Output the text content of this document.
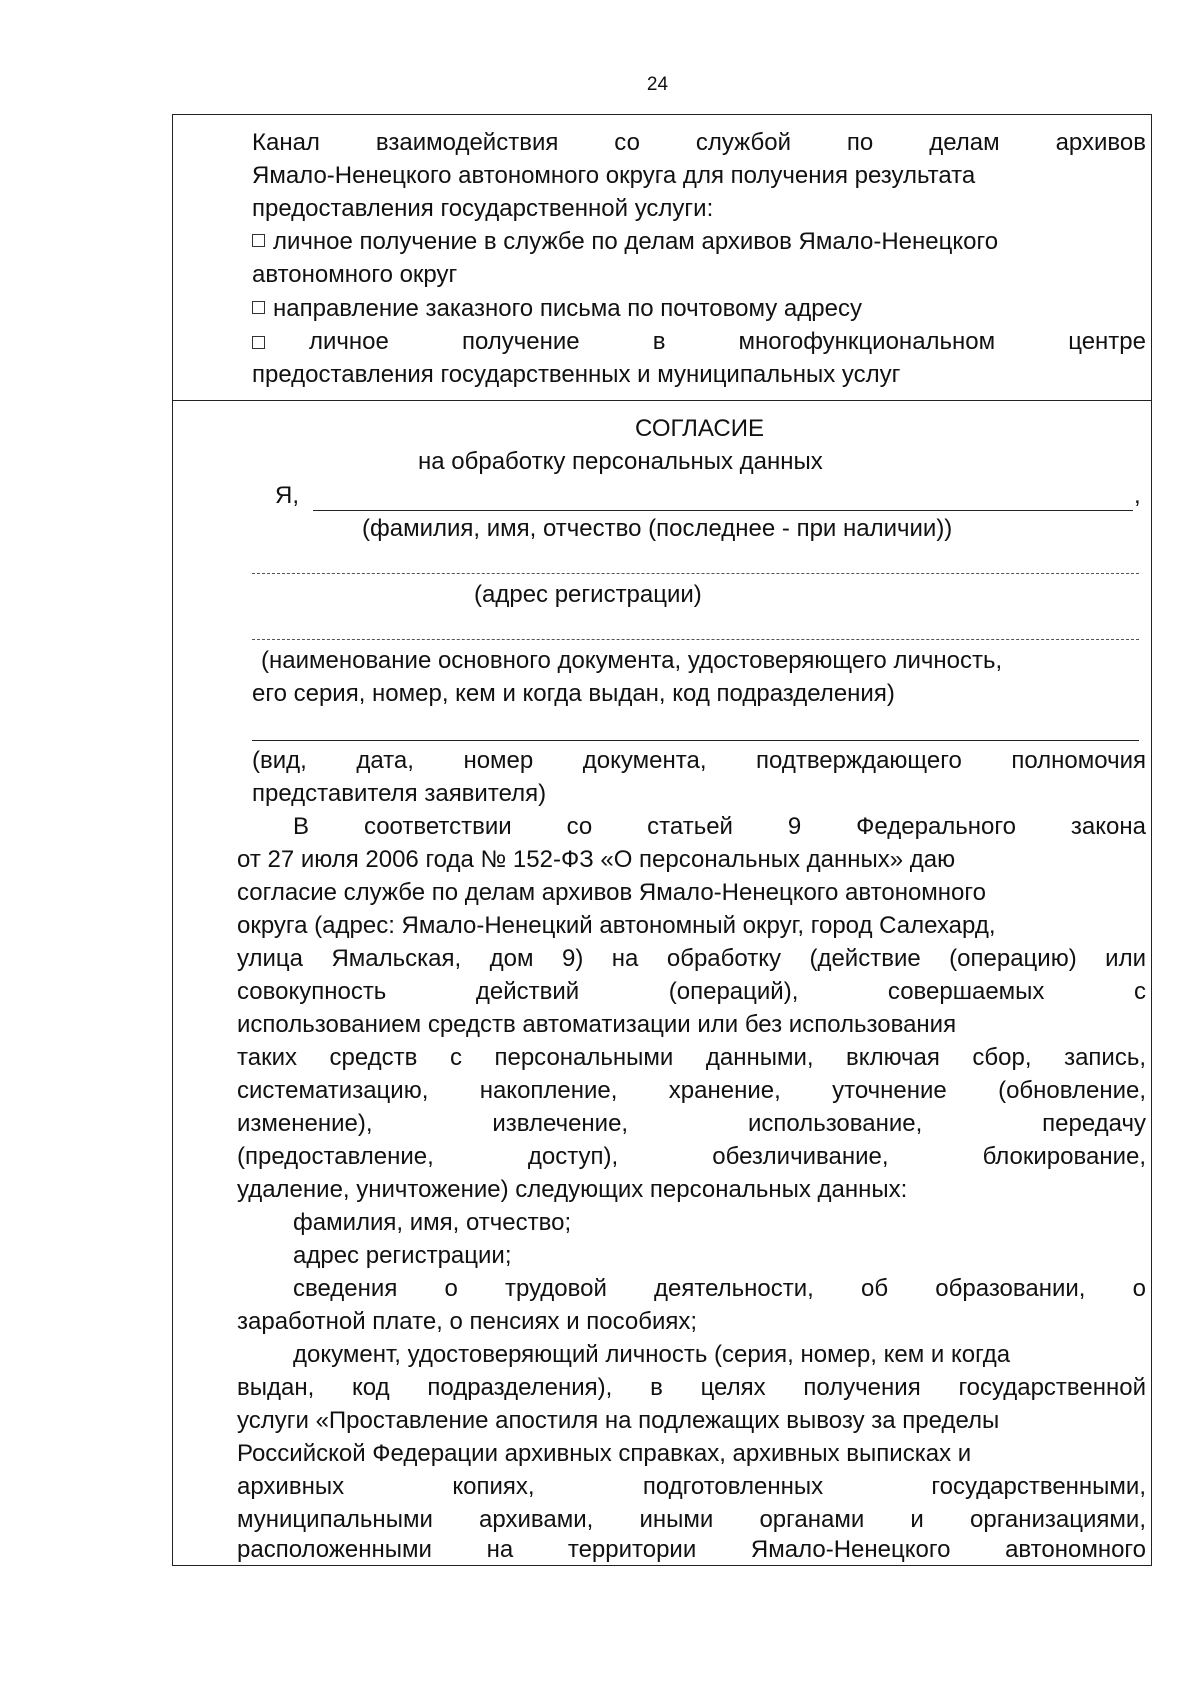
24
Канал взаимодействия со службой по делам архивов
Ямало-Ненецкого автономного округа для получения результата
предоставления государственной услуги:
личное получение в службе по делам архивов Ямало-Ненецкого
автономного округ
направление заказного письма по почтовому адресу
личное получение в многофункциональном центре
предоставления государственных и муниципальных услуг
СОГЛАСИЕ
на обработку персональных данных
Я,	,
(фамилия, имя, отчество (последнее - при наличии))
(адрес регистрации)
(наименование основного документа, удостоверяющего личность,
его серия, номер, кем и когда выдан, код подразделения)
(вид, дата, номер документа, подтверждающего полномочия
представителя заявителя)
В соответствии со статьей 9 Федерального закона
от 27 июля 2006 года № 152-ФЗ «О персональных данных» даю
согласие службе по делам архивов Ямало-Ненецкого автономного
округа (адрес: Ямало-Ненецкий автономный округ, город Салехард,
улица Ямальская, дом 9) на обработку (действие (операцию) или
совокупность действий (операций), совершаемых с
использованием средств автоматизации или без использования
таких средств с персональными данными, включая сбор, запись,
систематизацию, накопление, хранение, уточнение (обновление,
изменение), извлечение, использование, передачу
(предоставление, доступ), обезличивание, блокирование,
удаление, уничтожение) следующих персональных данных:
фамилия, имя, отчество;
адрес регистрации;
сведения о трудовой деятельности, об образовании, о
заработной плате, о пенсиях и пособиях;
документ, удостоверяющий личность (серия, номер, кем и когда
выдан, код подразделения), в целях получения государственной
услуги «Проставление апостиля на подлежащих вывозу за пределы
Российской Федерации архивных справках, архивных выписках и
архивных копиях, подготовленных государственными,
муниципальными архивами, иными органами и организациями,
расположенными на территории Ямало-Ненецкого автономного
